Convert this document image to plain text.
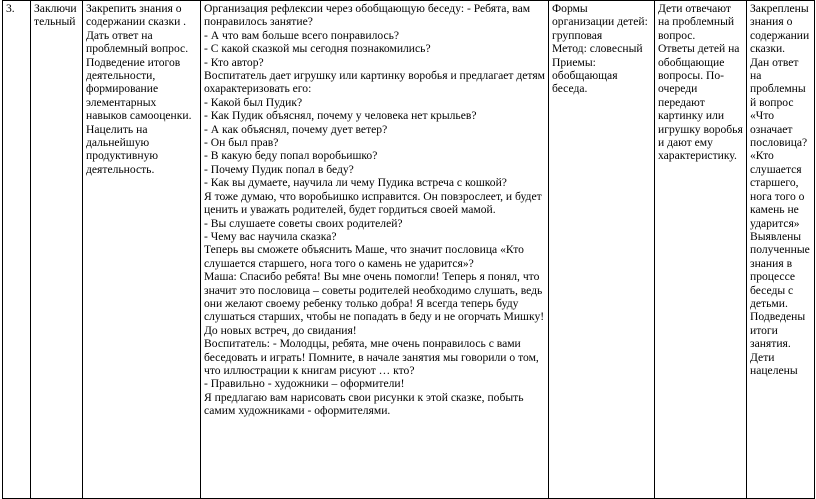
3.	Заключительный	
Закрепить знания о содержании сказки . Дать ответ на проблемный вопрос.
Подведение итогов деятельности, формирование элементарных навыков самооценки.
Нацелить на дальнейшую продуктивную деятельность.

Организация рефлексии через обобщающую беседу: - Ребята, вам понравилось занятие?
- А что вам больше всего понравилось?
- С какой сказкой мы сегодня познакомились?
- Кто автор?
Воспитатель дает игрушку или картинку воробья и предлагает детям охарактеризовать его:
- Какой был Пудик?
- Как Пудик объяснял, почему у человека нет крыльев?
- А как объяснял, почему дует ветер?
- Он был прав?
- В какую беду попал воробьишко?
- Почему Пудик попал в беду?
- Как вы думаете, научила ли чему Пудика встреча с кошкой?
Я тоже думаю, что воробьишко исправится. Он повзрослеет, и будет ценить и уважать родителей, будет гордиться своей мамой.
- Вы слушаете советы своих родителей?
- Чему вас научила сказка?
Теперь вы сможете объяснить Маше, что значит пословица «Кто слушается старшего, нога того о камень не ударится»?
Маша: Спасибо ребята! Вы мне очень помогли! Теперь я понял, что значит это пословица – советы родителей необходимо слушать, ведь они желают своему ребенку только добра! Я всегда теперь буду слушаться старших, чтобы не попадать в беду и не огорчать Мишку!
До новых встреч, до свидания!
Воспитатель: - Молодцы, ребята, мне очень понравилось с вами беседовать и играть! Помните, в начале занятия мы говорили о том, что иллюстрации к книгам рисуют … кто?
- Правильно - художники – оформители!
Я предлагаю вам нарисовать свои рисунки к этой сказке, побыть самим художниками - оформителями.

Формы организации детей: групповая
Метод: словесный
Приемы: обобщающая беседа.

Дети отвечают на проблемный вопрос.
Ответы детей на обобщающие вопросы. По-очереди передают картинку или игрушку воробья и дают ему характеристику.

Закреплены знания о содержании сказки.
Дан ответ на проблемный вопрос «Что означает пословица? «Кто слушается старшего, нога того о камень не ударится»
Выявлены полученные знания в процессе беседы с детьми.
Подведены итоги занятия.
Дети нацелены
